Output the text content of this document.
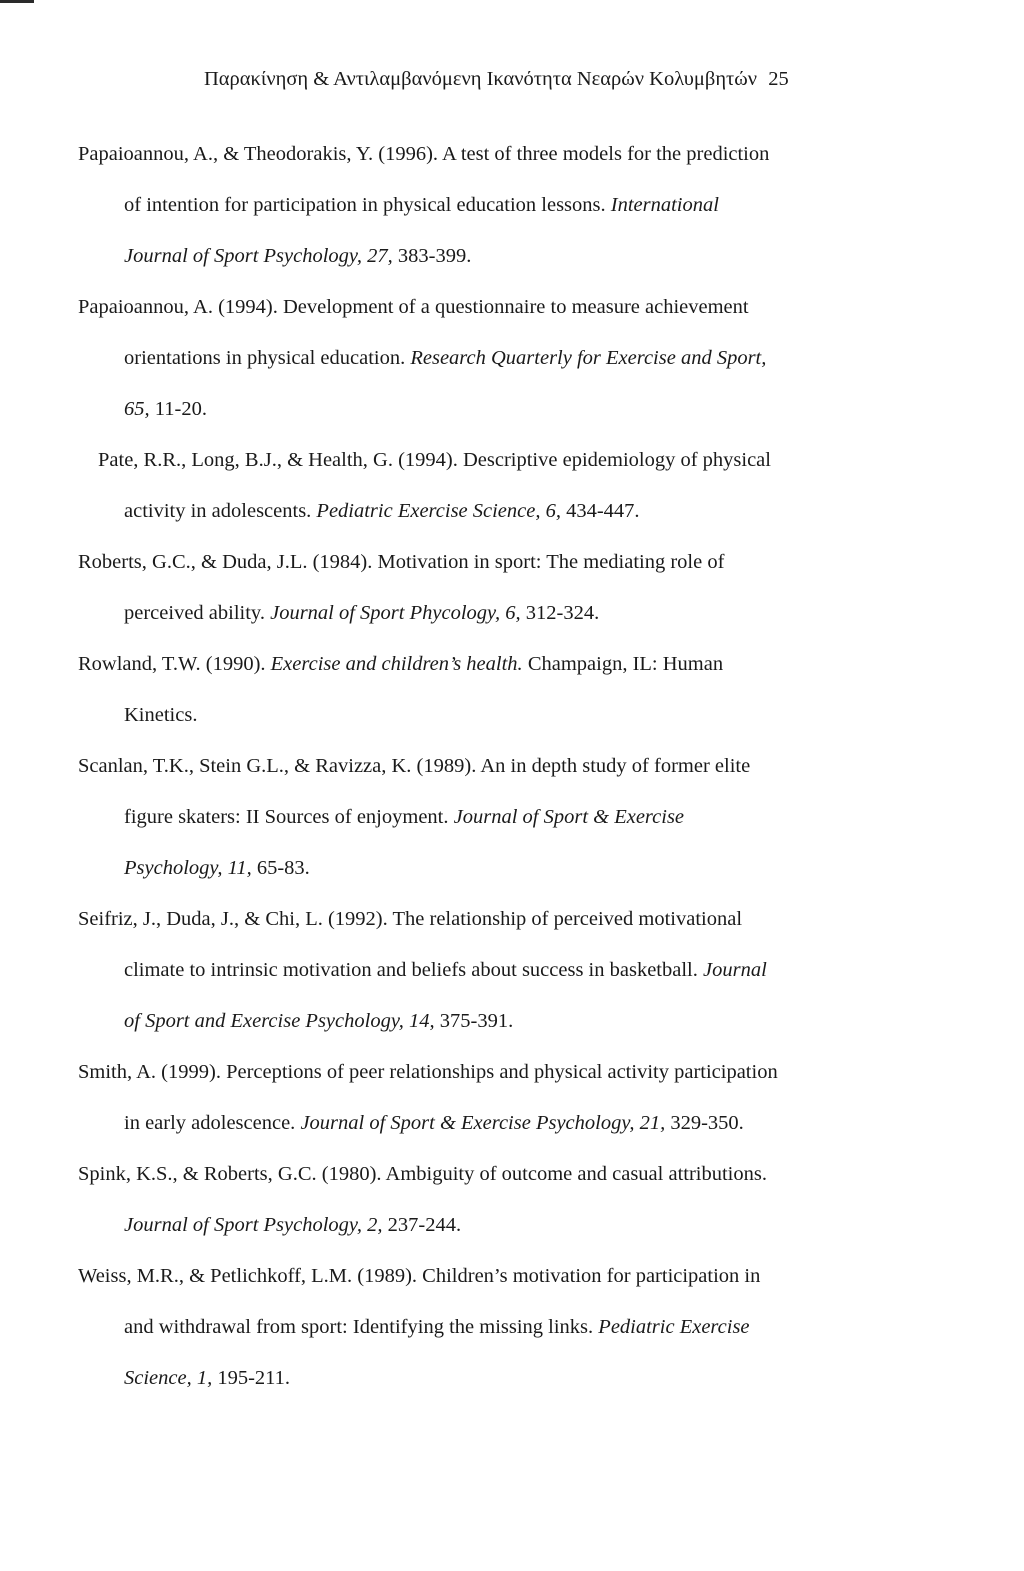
Παρακίνηση & Αντιλαμβανόμενη Ικανότητα Νεαρών Κολυμβητών 25
Papaioannou, A., & Theodorakis, Y. (1996). A test of three models for the prediction
of intention for participation in physical education lessons. International
Journal of Sport Psychology, 27, 383-399.
Papaioannou, A. (1994). Development of a questionnaire to measure achievement
orientations in physical education. Research Quarterly for Exercise and Sport,
65, 11-20.
Pate, R.R., Long, B.J., & Health, G. (1994). Descriptive epidemiology of physical
activity in adolescents. Pediatric Exercise Science, 6, 434-447.
Roberts, G.C., & Duda, J.L. (1984). Motivation in sport: The mediating role of
perceived ability. Journal of Sport Phycology, 6, 312-324.
Rowland, T.W. (1990). Exercise and children’s health. Champaign, IL: Human
Kinetics.
Scanlan, T.K., Stein G.L., & Ravizza, K. (1989). An in depth study of former elite
figure skaters: II Sources of enjoyment. Journal of Sport & Exercise
Psychology, 11, 65-83.
Seifriz, J., Duda, J., & Chi, L. (1992). The relationship of perceived motivational
climate to intrinsic motivation and beliefs about success in basketball. Journal
of Sport and Exercise Psychology, 14, 375-391.
Smith, A. (1999). Perceptions of peer relationships and physical activity participation
in early adolescence. Journal of Sport & Exercise Psychology, 21, 329-350.
Spink, K.S., & Roberts, G.C. (1980). Ambiguity of outcome and casual attributions.
Journal of Sport Psychology, 2, 237-244.
Weiss, M.R., & Petlichkoff, L.M. (1989). Children’s motivation for participation in
and withdrawal from sport: Identifying the missing links. Pediatric Exercise
Science, 1, 195-211.
